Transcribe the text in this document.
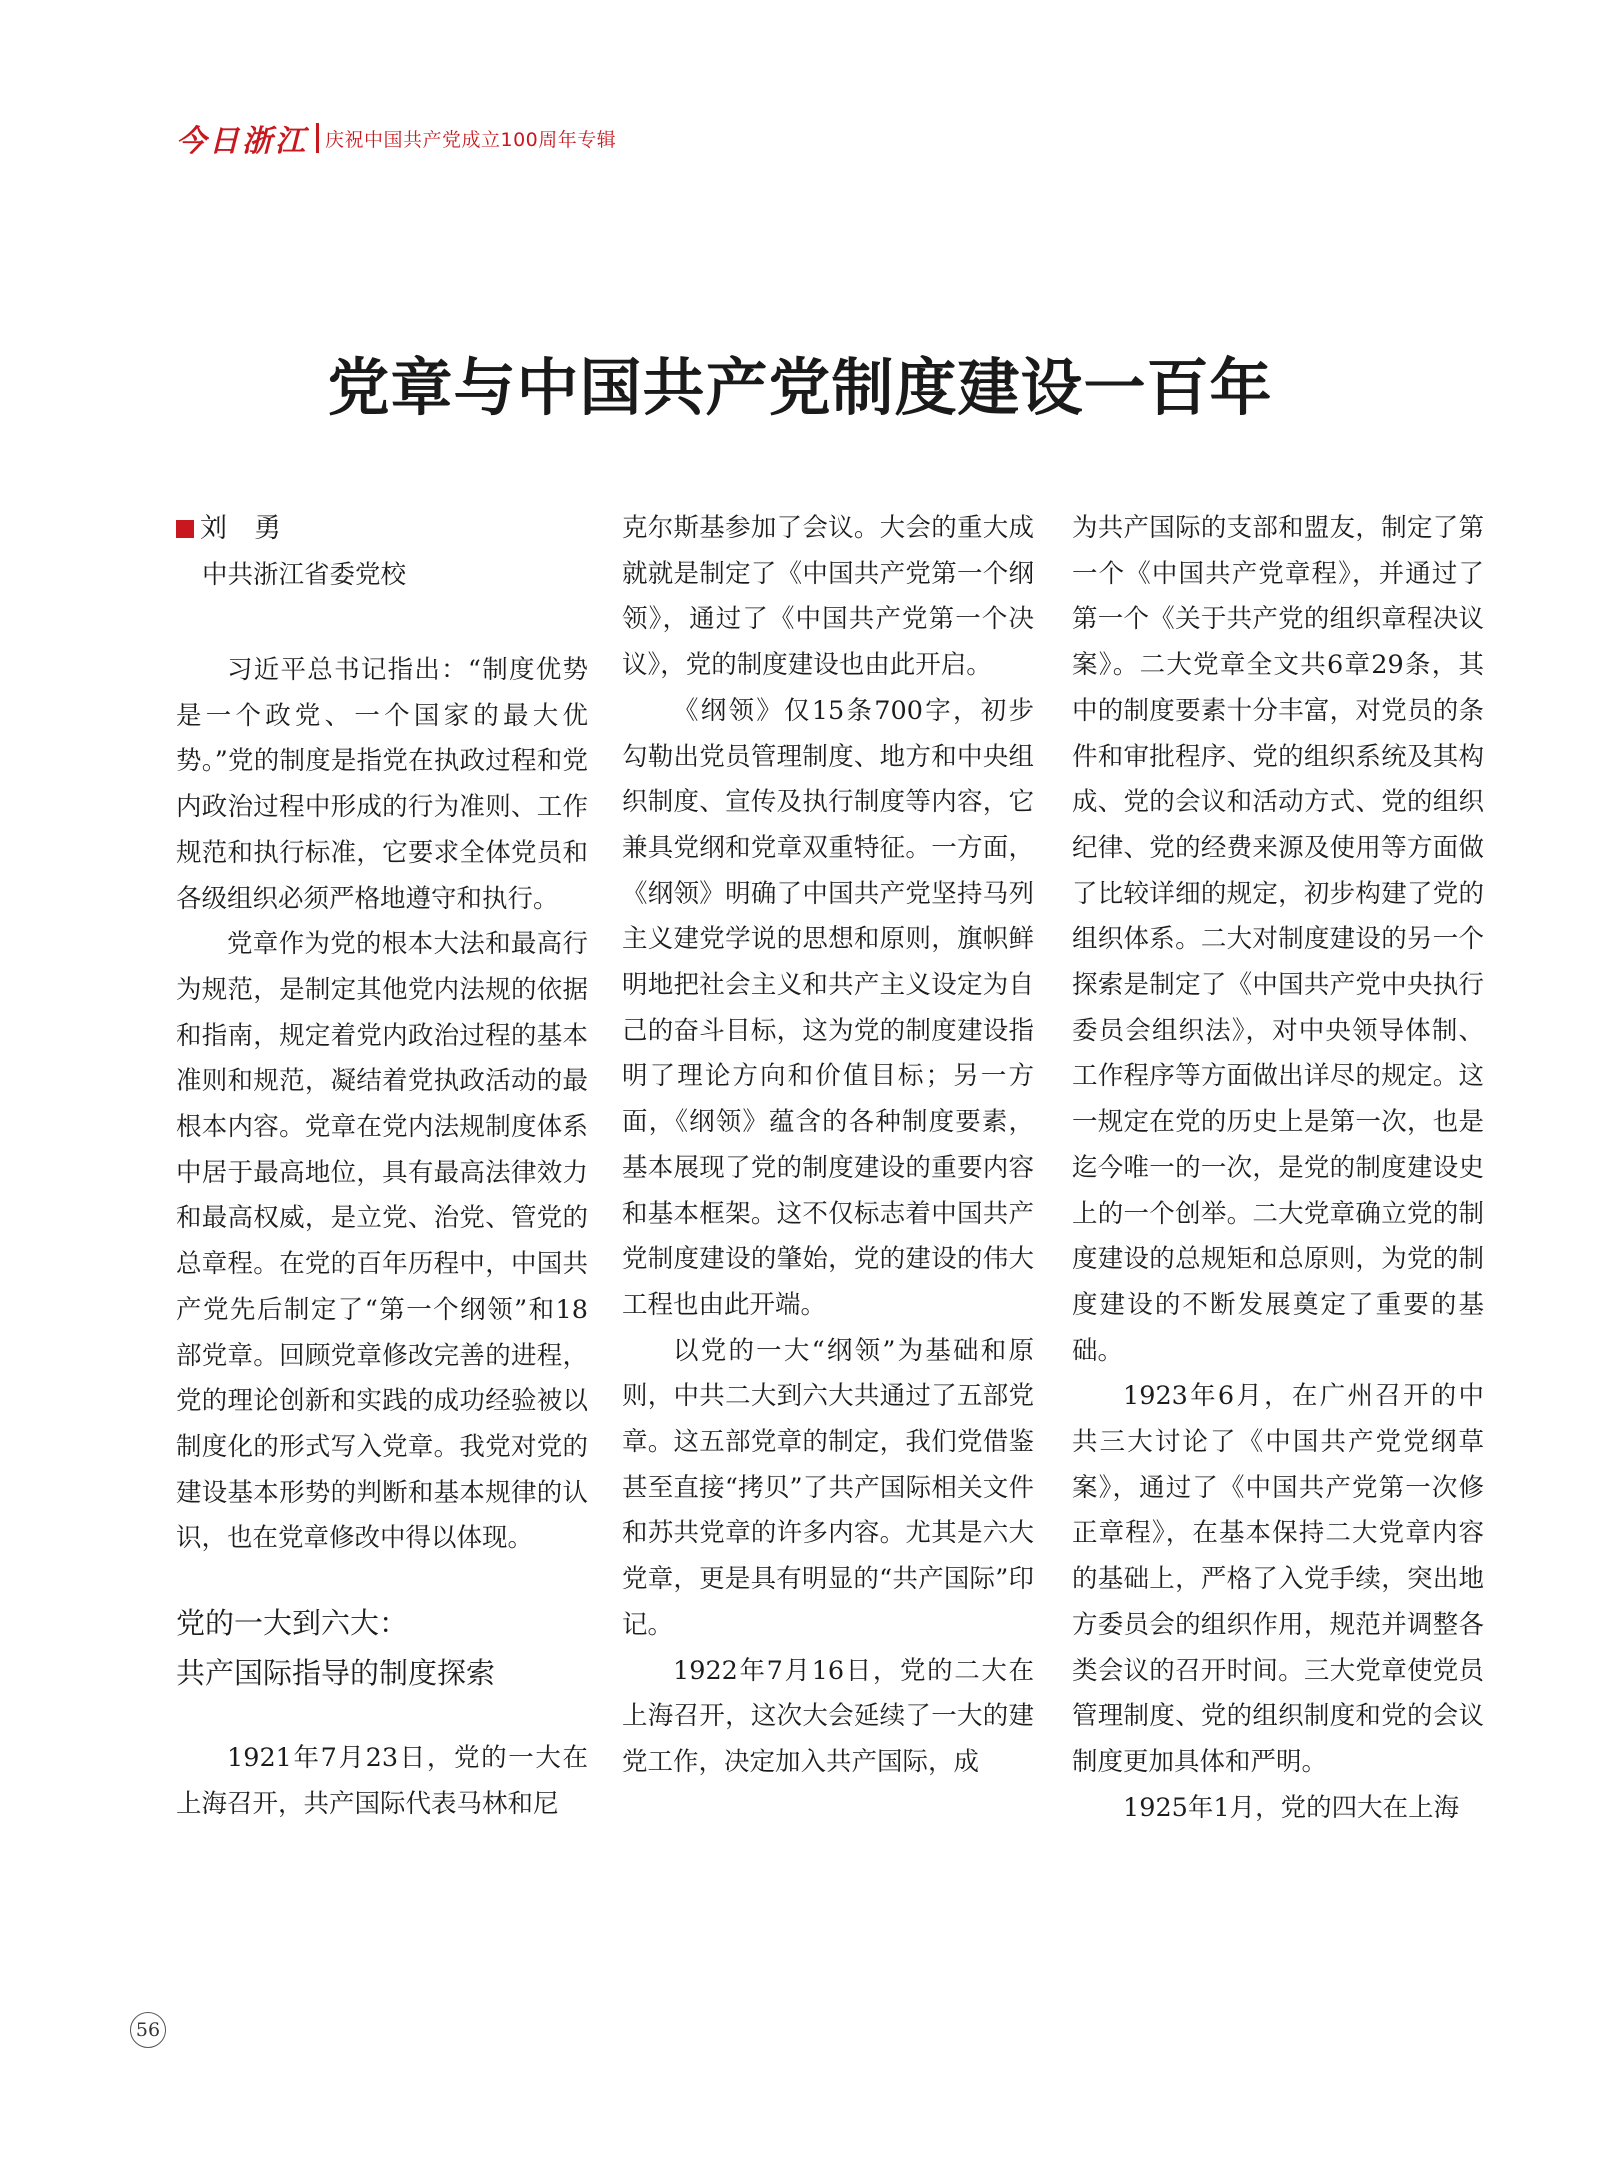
今日浙江 庆祝中国共产党成立100周年专辑
党章与中国共产党制度建设一百年
刘　勇
中共浙江省委党校

习近平总书记指出：“制度优势是一个政党、一个国家的最大优势。”党的制度是指党在执政过程和党内政治过程中形成的行为准则、工作规范和执行标准，它要求全体党员和各级组织必须严格地遵守和执行。

党章作为党的根本大法和最高行为规范，是制定其他党内法规的依据和指南，规定着党内政治过程的基本准则和规范，凝结着党执政活动的最根本内容。党章在党内法规制度体系中居于最高地位，具有最高法律效力和最高权威，是立党、治党、管党的总章程。在党的百年历程中，中国共产党先后制定了“第一个纲领”和18部党章。回顾党章修改完善的进程，党的理论创新和实践的成功经验被以制度化的形式写入党章。我党对党的建设基本形势的判断和基本规律的认识，也在党章修改中得以体现。

党的一大到六大：
共产国际指导的制度探索

1921年7月23日，党的一大在上海召开，共产国际代表马林和尼

克尔斯基参加了会议。大会的重大成就就是制定了《中国共产党第一个纲领》，通过了《中国共产党第一个决议》，党的制度建设也由此开启。

《纲领》仅15条700字，初步勾勒出党员管理制度、地方和中央组织制度、宣传及执行制度等内容，它兼具党纲和党章双重特征。一方面，《纲领》明确了中国共产党坚持马列主义建党学说的思想和原则，旗帜鲜明地把社会主义和共产主义设定为自己的奋斗目标，这为党的制度建设指明了理论方向和价值目标；另一方面，《纲领》蕴含的各种制度要素，基本展现了党的制度建设的重要内容和基本框架。这不仅标志着中国共产党制度建设的肇始，党的建设的伟大工程也由此开端。

以党的一大“纲领”为基础和原则，中共二大到六大共通过了五部党章。这五部党章的制定，我们党借鉴甚至直接“拷贝”了共产国际相关文件和苏共党章的许多内容。尤其是六大党章，更是具有明显的“共产国际”印记。

1922年7月16日，党的二大在上海召开，这次大会延续了一大的建党工作，决定加入共产国际，成

为共产国际的支部和盟友，制定了第一个《中国共产党章程》，并通过了第一个《关于共产党的组织章程决议案》。二大党章全文共6章29条，其中的制度要素十分丰富，对党员的条件和审批程序、党的组织系统及其构成、党的会议和活动方式、党的组织纪律、党的经费来源及使用等方面做了比较详细的规定，初步构建了党的组织体系。二大对制度建设的另一个探索是制定了《中国共产党中央执行委员会组织法》，对中央领导体制、工作程序等方面做出详尽的规定。这一规定在党的历史上是第一次，也是迄今唯一的一次，是党的制度建设史上的一个创举。二大党章确立党的制度建设的总规矩和总原则，为党的制度建设的不断发展奠定了重要的基础。

1923年6月，在广州召开的中共三大讨论了《中国共产党党纲草案》，通过了《中国共产党第一次修正章程》，在基本保持二大党章内容的基础上，严格了入党手续，突出地方委员会的组织作用，规范并调整各类会议的召开时间。三大党章使党员管理制度、党的组织制度和党的会议制度更加具体和严明。

1925年1月，党的四大在上海

56
